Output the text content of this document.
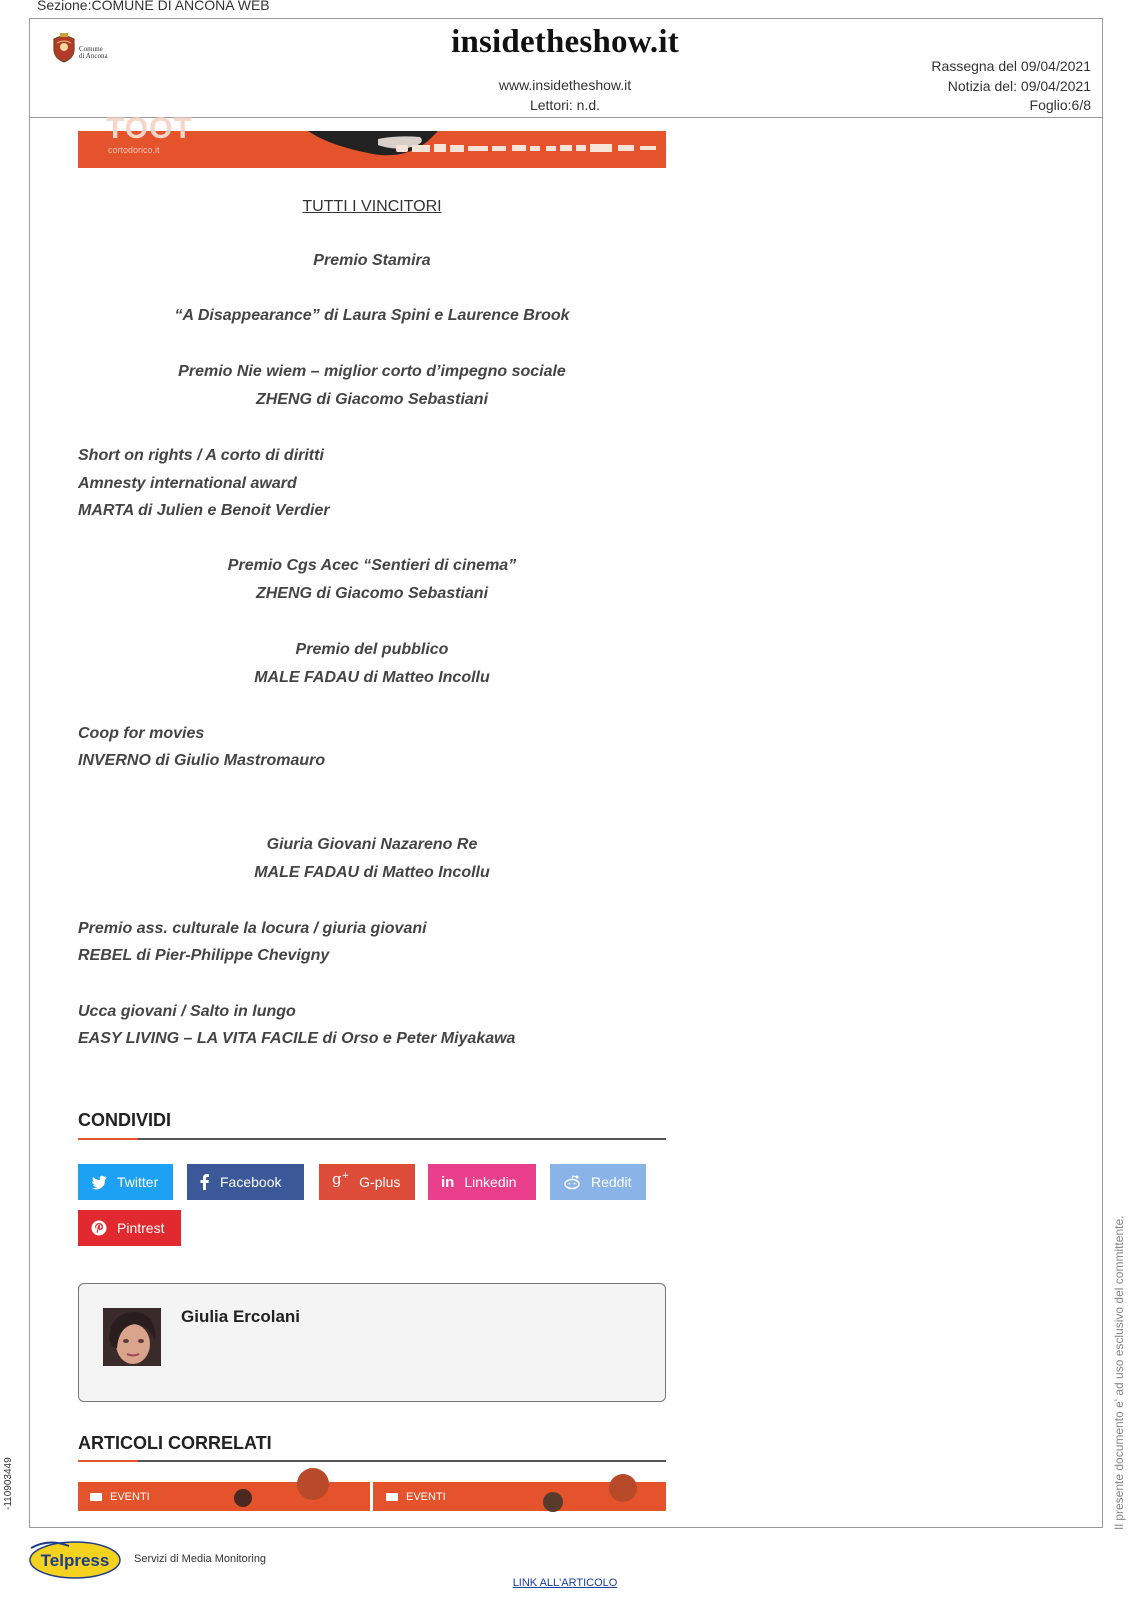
Sezione:COMUNE DI ANCONA WEB
Comune
di Ancona	insidetheshow.it
www.insidetheshow.it
Lettori: n.d.
Rassegna del 09/04/2021
Notizia del: 09/04/2021
Foglio:6/8
TOOT
cortodorico.it
TUTTI I VINCITORI
Premio Stamira
“A Disappearance” di Laura Spini e Laurence Brook
Premio Nie wiem – miglior corto d’impegno sociale
ZHENG di Giacomo Sebastiani
Short on rights / A corto di diritti
Amnesty international award
MARTA di Julien e Benoit Verdier
Premio Cgs Acec “Sentieri di cinema”
ZHENG di Giacomo Sebastiani
Premio del pubblico
MALE FADAU di Matteo Incollu
Coop for movies
INVERNO di Giulio Mastromauro
Giuria Giovani Nazareno Re
MALE FADAU di Matteo Incollu
Premio ass. culturale la locura / giuria giovani
REBEL di Pier-Philippe Chevigny
Ucca giovani / Salto in lungo
EASY LIVING – LA VITA FACILE di Orso e Peter Miyakawa
CONDIVIDI
Twitter	Facebook	g+ G-plus	in Linkedin	Reddit
Pintrest
Giulia Ercolani
ARTICOLI CORRELATI
EVENTI	EVENTI
-110903449	Il presente documento e' ad uso esclusivo del committente.
Telpress Servizi di Media Monitoring
LINK ALL'ARTICOLO
